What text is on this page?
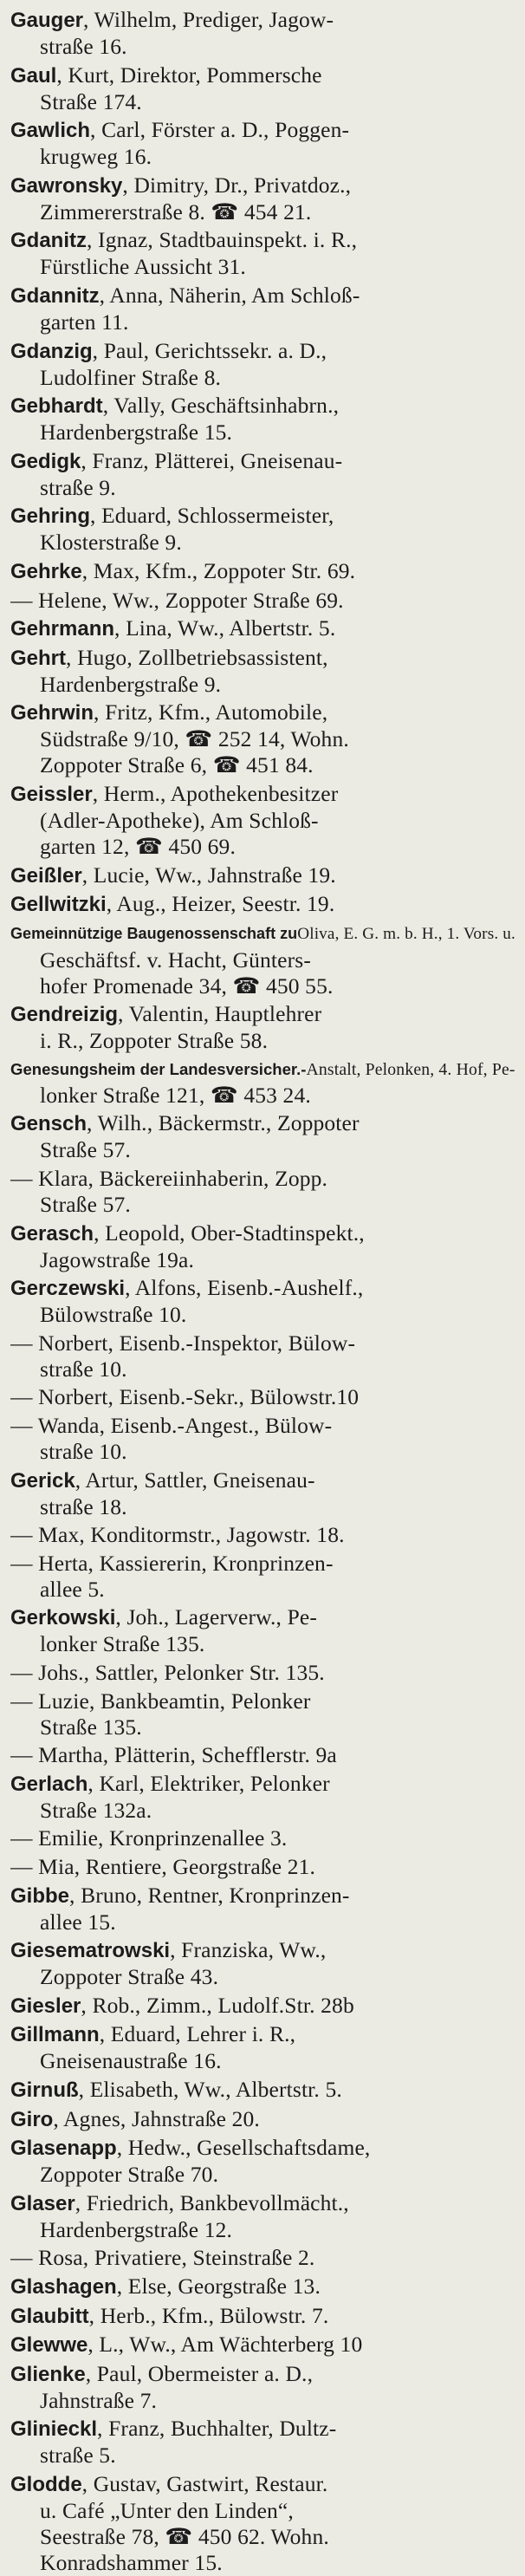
Gauger, Wilhelm, Prediger, Jagow-
straße 16.
Gaul, Kurt, Direktor, Pommersche
Straße 174.
Gawlich, Carl, Förster a. D., Poggen-
krugweg 16.
Gawronsky, Dimitry, Dr., Privatdoz.,
Zimmererstraße 8. ☎ 454 21.
Gdanitz, Ignaz, Stadtbauinspekt. i. R.,
Fürstliche Aussicht 31.
Gdannitz, Anna, Näherin, Am Schloß-
garten 11.
Gdanzig, Paul, Gerichtssekr. a. D.,
Ludolfiner Straße 8.
Gebhardt, Vally, Geschäftsinhabrn.,
Hardenbergstraße 15.
Gedigk, Franz, Plätterei, Gneisenau-
straße 9.
Gehring, Eduard, Schlossermeister,
Klosterstraße 9.
Gehrke, Max, Kfm., Zoppoter Str. 69.
— Helene, Ww., Zoppoter Straße 69.
Gehrmann, Lina, Ww., Albertstr. 5.
Gehrt, Hugo, Zollbetriebsassistent,
Hardenbergstraße 9.
Gehrwin, Fritz, Kfm., Automobile,
Südstraße 9/10, ☎ 252 14, Wohn.
Zoppoter Straße 6, ☎ 451 84.
Geissler, Herm., Apothekenbesitzer
(Adler-Apotheke), Am Schloß-
garten 12, ☎ 450 69.
Geißler, Lucie, Ww., Jahnstraße 19.
Gellwitzki, Aug., Heizer, Seestr. 19.
Gemeinnützige Baugenossenschaft zuOliva, E. G. m. b. H., 1. Vors. u.
Geschäftsf. v. Hacht, Günters-
hofer Promenade 34, ☎ 450 55.
Gendreizig, Valentin, Hauptlehrer
i. R., Zoppoter Straße 58.
Genesungsheim der Landesversicher.-Anstalt, Pelonken, 4. Hof, Pe-
lonker Straße 121, ☎ 453 24.
Gensch, Wilh., Bäckermstr., Zoppoter
Straße 57.
— Klara, Bäckereiinhaberin, Zopp.
Straße 57.
Gerasch, Leopold, Ober-Stadtinspekt.,
Jagowstraße 19a.
Gerczewski, Alfons, Eisenb.-Aushelf.,
Bülowstraße 10.
— Norbert, Eisenb.-Inspektor, Bülow-
straße 10.
— Norbert, Eisenb.-Sekr., Bülowstr.10
— Wanda, Eisenb.-Angest., Bülow-
straße 10.
Gerick, Artur, Sattler, Gneisenau-
straße 18.
— Max, Konditormstr., Jagowstr. 18.
— Herta, Kassiererin, Kronprinzen-
allee 5.
Gerkowski, Joh., Lagerverw., Pe-
lonker Straße 135.
— Johs., Sattler, Pelonker Str. 135.
— Luzie, Bankbeamtin, Pelonker
Straße 135.
— Martha, Plätterin, Schefflerstr. 9a
Gerlach, Karl, Elektriker, Pelonker
Straße 132a.
— Emilie, Kronprinzenallee 3.
— Mia, Rentiere, Georgstraße 21.
Gibbe, Bruno, Rentner, Kronprinzen-
allee 15.
Giesematrowski, Franziska, Ww.,
Zoppoter Straße 43.
Giesler, Rob., Zimm., Ludolf.Str. 28b
Gillmann, Eduard, Lehrer i. R.,
Gneisenaustraße 16.
Girnuß, Elisabeth, Ww., Albertstr. 5.
Giro, Agnes, Jahnstraße 20.
Glasenapp, Hedw., Gesellschaftsdame,
Zoppoter Straße 70.
Glaser, Friedrich, Bankbevollmächt.,
Hardenbergstraße 12.
— Rosa, Privatiere, Steinstraße 2.
Glashagen, Else, Georgstraße 13.
Glaubitt, Herb., Kfm., Bülowstr. 7.
Glewwe, L., Ww., Am Wächterberg 10
Glienke, Paul, Obermeister a. D.,
Jahnstraße 7.
Glinieckl, Franz, Buchhalter, Dultz-
straße 5.
Glodde, Gustav, Gastwirt, Restaur.
u. Café „Unter den Linden“,
Seestraße 78, ☎ 450 62. Wohn.
Konradshammer 15.
